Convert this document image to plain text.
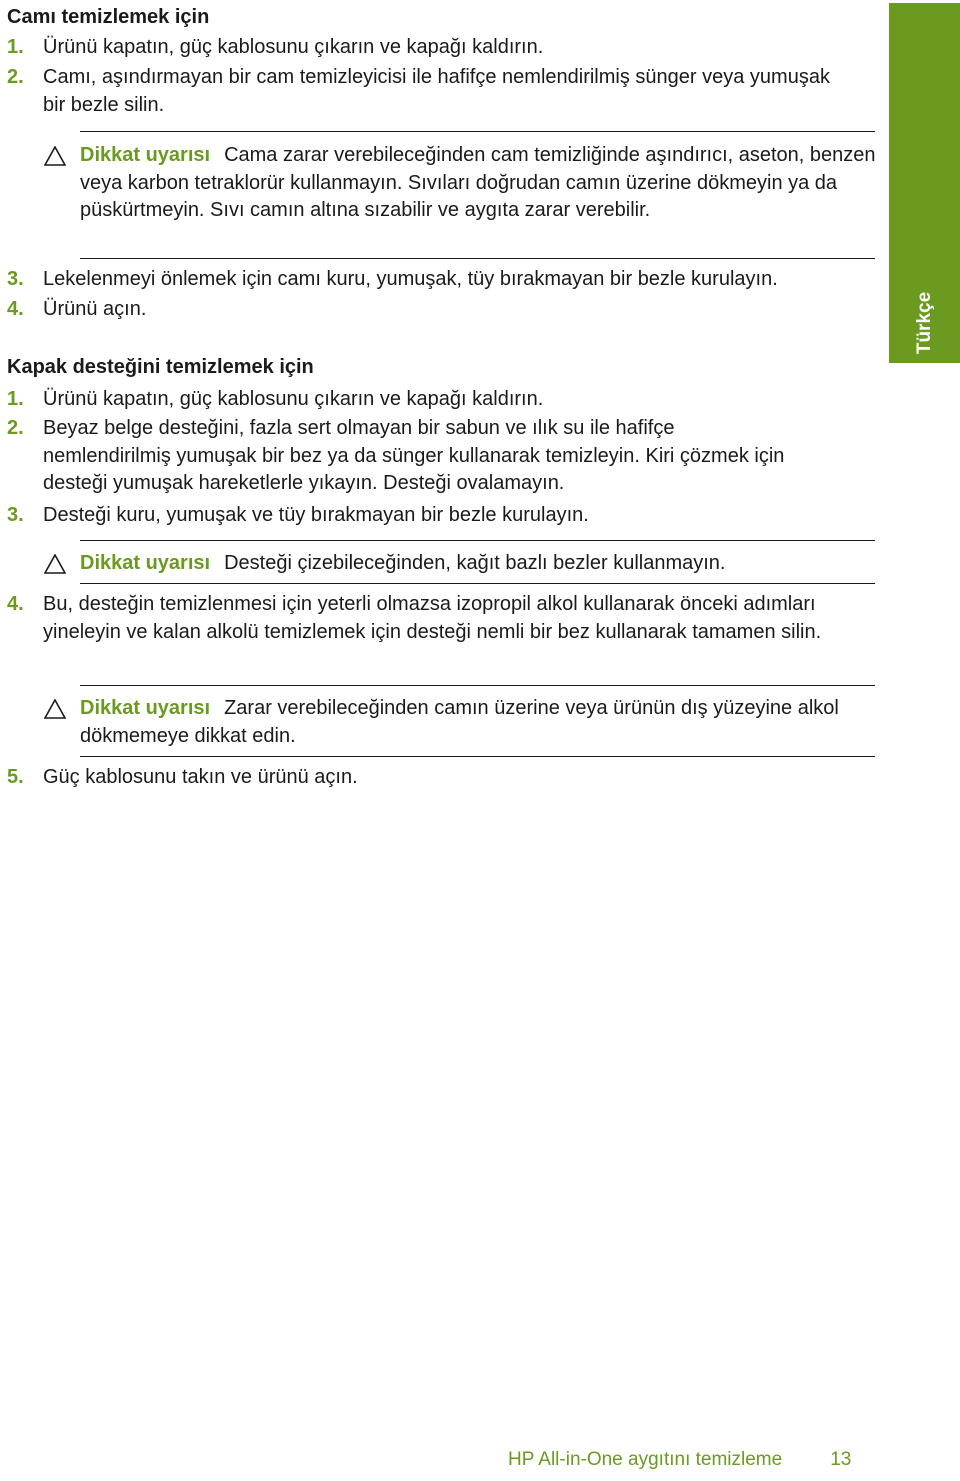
Camı temizlemek için
1. Ürünü kapatın, güç kablosunu çıkarın ve kapağı kaldırın.
2. Camı, aşındırmayan bir cam temizleyicisi ile hafifçe nemlendirilmiş sünger veya yumuşak bir bezle silin.
Dikkat uyarısı Cama zarar verebileceğinden cam temizliğinde aşındırıcı, aseton, benzen veya karbon tetraklorür kullanmayın. Sıvıları doğrudan camın üzerine dökmeyin ya da püskürtmeyin. Sıvı camın altına sızabilir ve aygıta zarar verebilir.
3. Lekelenmeyi önlemek için camı kuru, yumuşak, tüy bırakmayan bir bezle kurulayın.
4. Ürünü açın.
Kapak desteğini temizlemek için
1. Ürünü kapatın, güç kablosunu çıkarın ve kapağı kaldırın.
2. Beyaz belge desteğini, fazla sert olmayan bir sabun ve ılık su ile hafifçe nemlendirilmiş yumuşak bir bez ya da sünger kullanarak temizleyin. Kiri çözmek için desteği yumuşak hareketlerle yıkayın. Desteği ovalamayın.
3. Desteği kuru, yumuşak ve tüy bırakmayan bir bezle kurulayın.
Dikkat uyarısı Desteği çizebileceğinden, kağıt bazlı bezler kullanmayın.
4. Bu, desteğin temizlenmesi için yeterli olmazsa izopropil alkol kullanarak önceki adımları yineleyin ve kalan alkolü temizlemek için desteği nemli bir bez kullanarak tamamen silin.
Dikkat uyarısı Zarar verebileceğinden camın üzerine veya ürünün dış yüzeyine alkol dökmemeye dikkat edin.
5. Güç kablosunu takın ve ürünü açın.
Türkçe
HP All-in-One aygıtını temizleme	13
